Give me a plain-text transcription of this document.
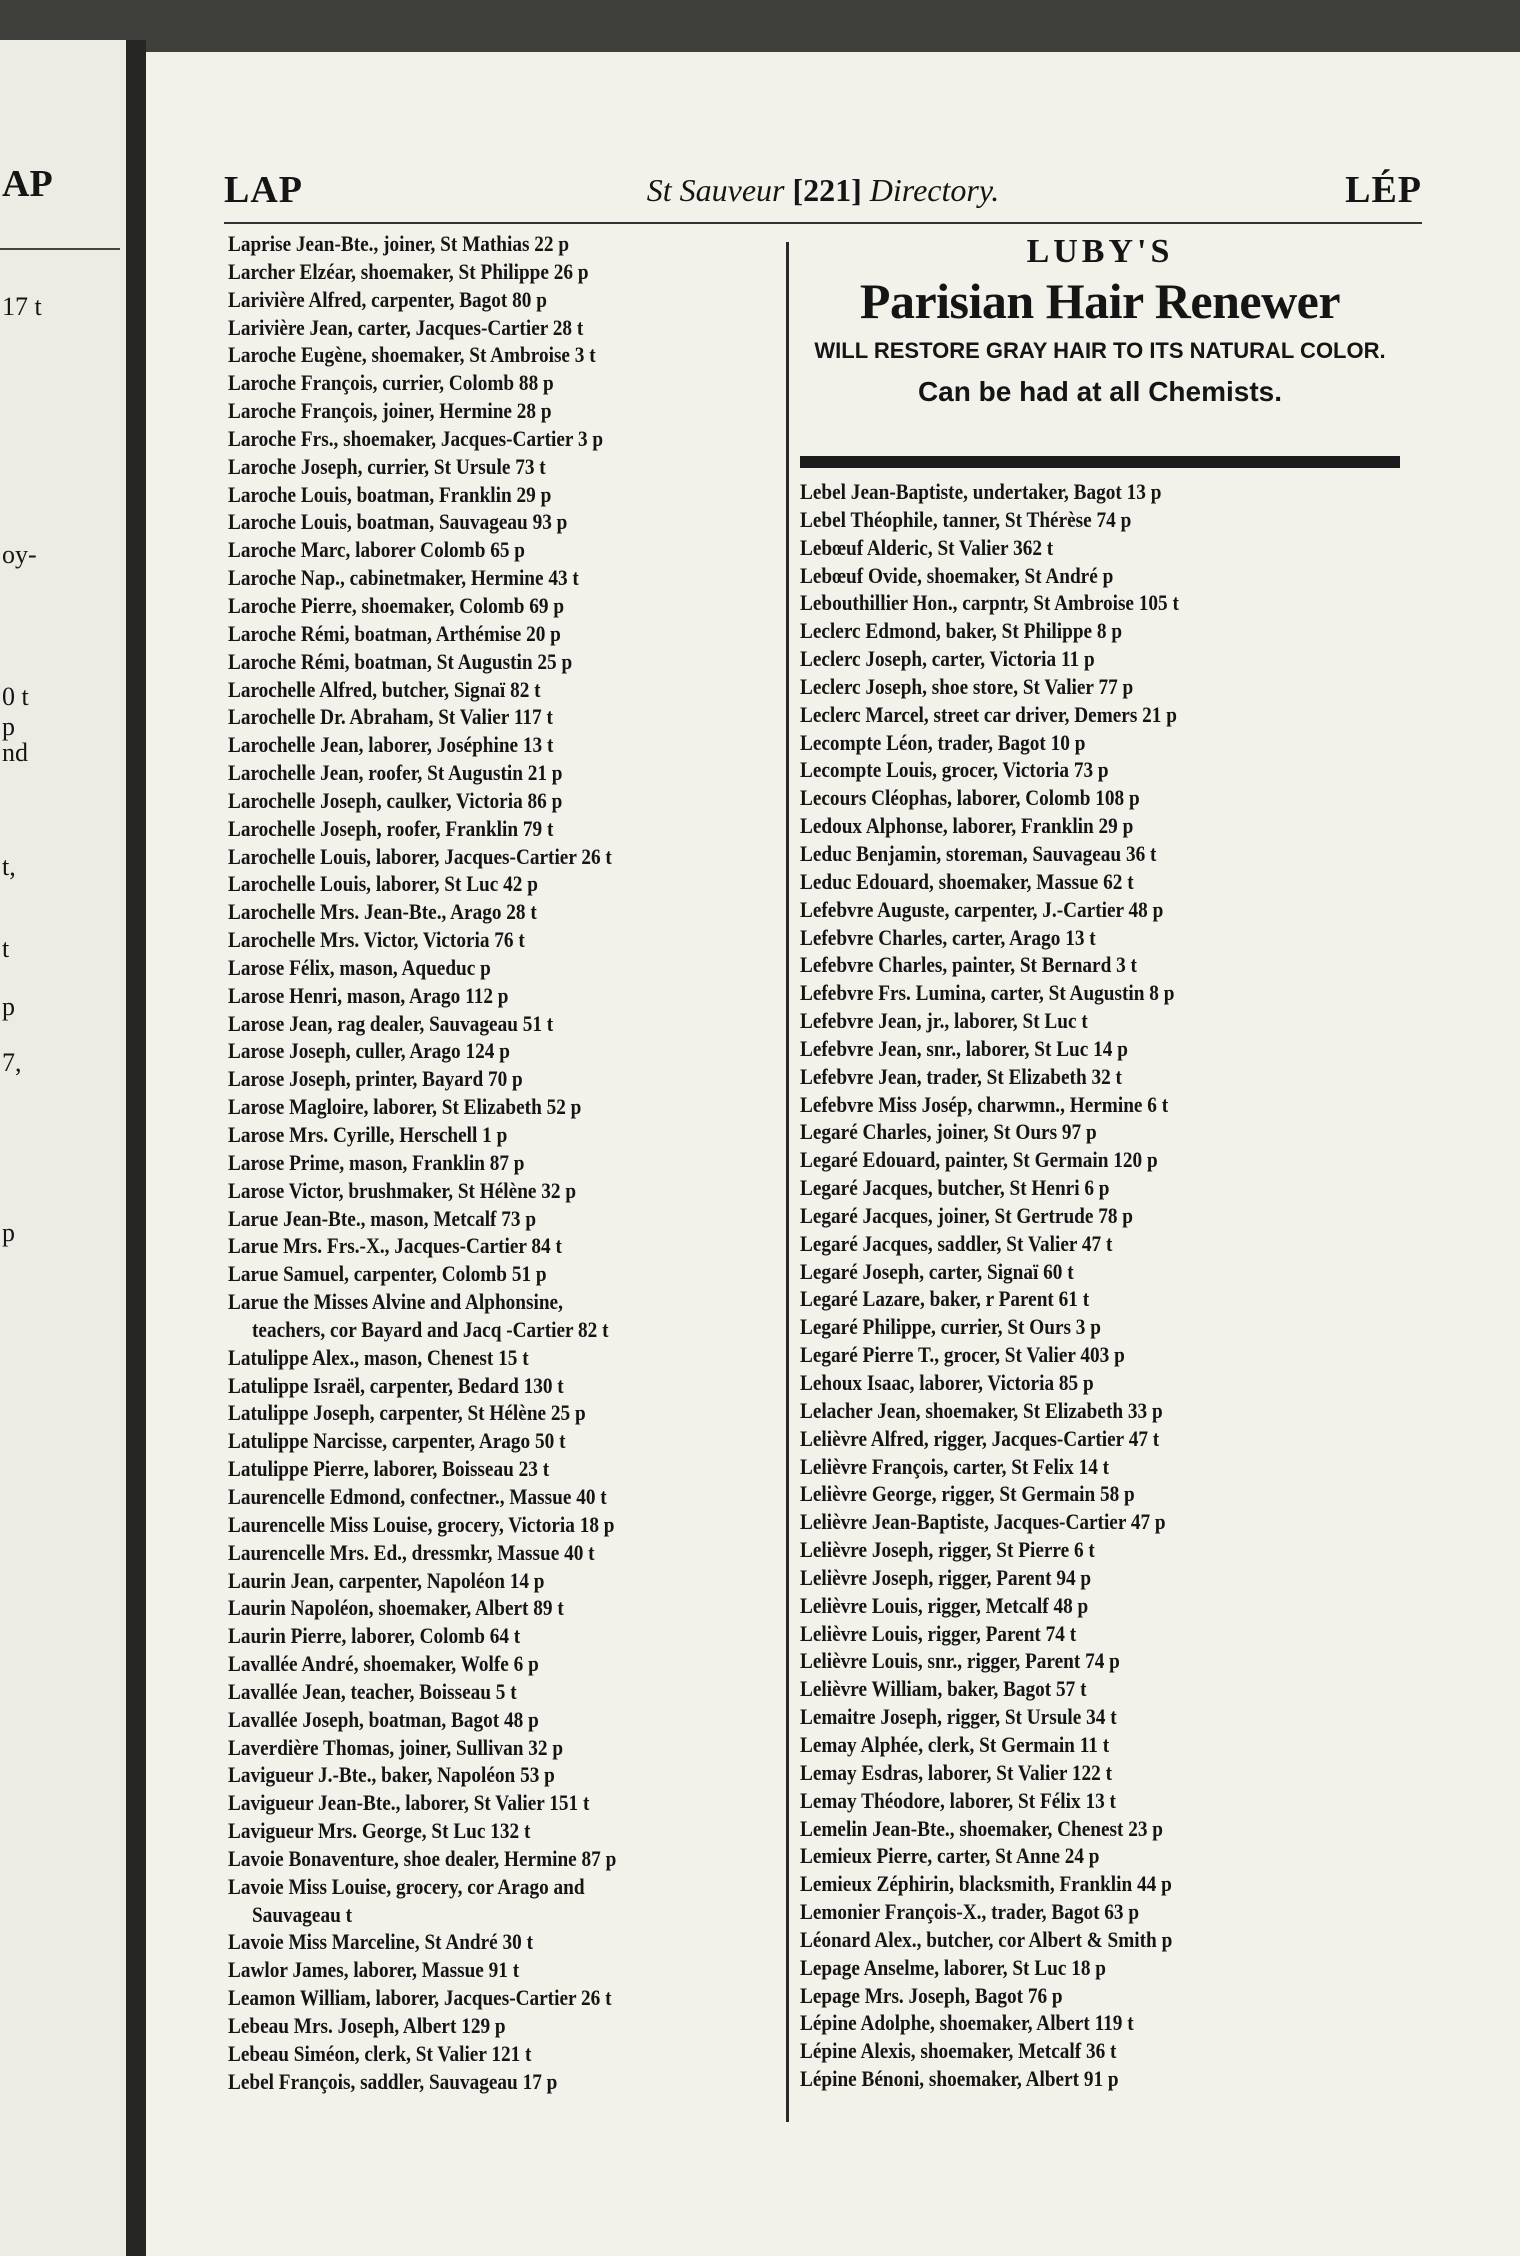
AP
17 t
oy-
0 t
p
nd
t,
t
p
7,
p
LAP	St Sauveur [221] Directory.	LÉP
Laprise Jean-Bte., joiner, St Mathias 22 p
Larcher Elzéar, shoemaker, St Philippe 26 p
Larivière Alfred, carpenter, Bagot 80 p
Larivière Jean, carter, Jacques-Cartier 28 t
Laroche Eugène, shoemaker, St Ambroise 3 t
Laroche François, currier, Colomb 88 p
Laroche François, joiner, Hermine 28 p
Laroche Frs., shoemaker, Jacques-Cartier 3 p
Laroche Joseph, currier, St Ursule 73 t
Laroche Louis, boatman, Franklin 29 p
Laroche Louis, boatman, Sauvageau 93 p
Laroche Marc, laborer Colomb 65 p
Laroche Nap., cabinetmaker, Hermine 43 t
Laroche Pierre, shoemaker, Colomb 69 p
Laroche Rémi, boatman, Arthémise 20 p
Laroche Rémi, boatman, St Augustin 25 p
Larochelle Alfred, butcher, Signaï 82 t
Larochelle Dr. Abraham, St Valier 117 t
Larochelle Jean, laborer, Joséphine 13 t
Larochelle Jean, roofer, St Augustin 21 p
Larochelle Joseph, caulker, Victoria 86 p
Larochelle Joseph, roofer, Franklin 79 t
Larochelle Louis, laborer, Jacques-Cartier 26 t
Larochelle Louis, laborer, St Luc 42 p
Larochelle Mrs. Jean-Bte., Arago 28 t
Larochelle Mrs. Victor, Victoria 76 t
Larose Félix, mason, Aqueduc p
Larose Henri, mason, Arago 112 p
Larose Jean, rag dealer, Sauvageau 51 t
Larose Joseph, culler, Arago 124 p
Larose Joseph, printer, Bayard 70 p
Larose Magloire, laborer, St Elizabeth 52 p
Larose Mrs. Cyrille, Herschell 1 p
Larose Prime, mason, Franklin 87 p
Larose Victor, brushmaker, St Hélène 32 p
Larue Jean-Bte., mason, Metcalf 73 p
Larue Mrs. Frs.-X., Jacques-Cartier 84 t
Larue Samuel, carpenter, Colomb 51 p
Larue the Misses Alvine and Alphonsine,
teachers, cor Bayard and Jacq -Cartier 82 t
Latulippe Alex., mason, Chenest 15 t
Latulippe Israël, carpenter, Bedard 130 t
Latulippe Joseph, carpenter, St Hélène 25 p
Latulippe Narcisse, carpenter, Arago 50 t
Latulippe Pierre, laborer, Boisseau 23 t
Laurencelle Edmond, confectner., Massue 40 t
Laurencelle Miss Louise, grocery, Victoria 18 p
Laurencelle Mrs. Ed., dressmkr, Massue 40 t
Laurin Jean, carpenter, Napoléon 14 p
Laurin Napoléon, shoemaker, Albert 89 t
Laurin Pierre, laborer, Colomb 64 t
Lavallée André, shoemaker, Wolfe 6 p
Lavallée Jean, teacher, Boisseau 5 t
Lavallée Joseph, boatman, Bagot 48 p
Laverdière Thomas, joiner, Sullivan 32 p
Lavigueur J.-Bte., baker, Napoléon 53 p
Lavigueur Jean-Bte., laborer, St Valier 151 t
Lavigueur Mrs. George, St Luc 132 t
Lavoie Bonaventure, shoe dealer, Hermine 87 p
Lavoie Miss Louise, grocery, cor Arago and
Sauvageau t
Lavoie Miss Marceline, St André 30 t
Lawlor James, laborer, Massue 91 t
Leamon William, laborer, Jacques-Cartier 26 t
Lebeau Mrs. Joseph, Albert 129 p
Lebeau Siméon, clerk, St Valier 121 t
Lebel François, saddler, Sauvageau 17 p
LUBY'S
Parisian Hair Renewer
WILL RESTORE GRAY HAIR TO ITS NATURAL COLOR.
Can be had at all Chemists.
Lebel Jean-Baptiste, undertaker, Bagot 13 p
Lebel Théophile, tanner, St Thérèse 74 p
Lebœuf Alderic, St Valier 362 t
Lebœuf Ovide, shoemaker, St André p
Lebouthillier Hon., carpntr, St Ambroise 105 t
Leclerc Edmond, baker, St Philippe 8 p
Leclerc Joseph, carter, Victoria 11 p
Leclerc Joseph, shoe store, St Valier 77 p
Leclerc Marcel, street car driver, Demers 21 p
Lecompte Léon, trader, Bagot 10 p
Lecompte Louis, grocer, Victoria 73 p
Lecours Cléophas, laborer, Colomb 108 p
Ledoux Alphonse, laborer, Franklin 29 p
Leduc Benjamin, storeman, Sauvageau 36 t
Leduc Edouard, shoemaker, Massue 62 t
Lefebvre Auguste, carpenter, J.-Cartier 48 p
Lefebvre Charles, carter, Arago 13 t
Lefebvre Charles, painter, St Bernard 3 t
Lefebvre Frs. Lumina, carter, St Augustin 8 p
Lefebvre Jean, jr., laborer, St Luc t
Lefebvre Jean, snr., laborer, St Luc 14 p
Lefebvre Jean, trader, St Elizabeth 32 t
Lefebvre Miss Josép, charwmn., Hermine 6 t
Legaré Charles, joiner, St Ours 97 p
Legaré Edouard, painter, St Germain 120 p
Legaré Jacques, butcher, St Henri 6 p
Legaré Jacques, joiner, St Gertrude 78 p
Legaré Jacques, saddler, St Valier 47 t
Legaré Joseph, carter, Signaï 60 t
Legaré Lazare, baker, r Parent 61 t
Legaré Philippe, currier, St Ours 3 p
Legaré Pierre T., grocer, St Valier 403 p
Lehoux Isaac, laborer, Victoria 85 p
Lelacher Jean, shoemaker, St Elizabeth 33 p
Lelièvre Alfred, rigger, Jacques-Cartier 47 t
Lelièvre François, carter, St Felix 14 t
Lelièvre George, rigger, St Germain 58 p
Lelièvre Jean-Baptiste, Jacques-Cartier 47 p
Lelièvre Joseph, rigger, St Pierre 6 t
Lelièvre Joseph, rigger, Parent 94 p
Lelièvre Louis, rigger, Metcalf 48 p
Lelièvre Louis, rigger, Parent 74 t
Lelièvre Louis, snr., rigger, Parent 74 p
Lelièvre William, baker, Bagot 57 t
Lemaitre Joseph, rigger, St Ursule 34 t
Lemay Alphée, clerk, St Germain 11 t
Lemay Esdras, laborer, St Valier 122 t
Lemay Théodore, laborer, St Félix 13 t
Lemelin Jean-Bte., shoemaker, Chenest 23 p
Lemieux Pierre, carter, St Anne 24 p
Lemieux Zéphirin, blacksmith, Franklin 44 p
Lemonier François-X., trader, Bagot 63 p
Léonard Alex., butcher, cor Albert & Smith p
Lepage Anselme, laborer, St Luc 18 p
Lepage Mrs. Joseph, Bagot 76 p
Lépine Adolphe, shoemaker, Albert 119 t
Lépine Alexis, shoemaker, Metcalf 36 t
Lépine Bénoni, shoemaker, Albert 91 p
